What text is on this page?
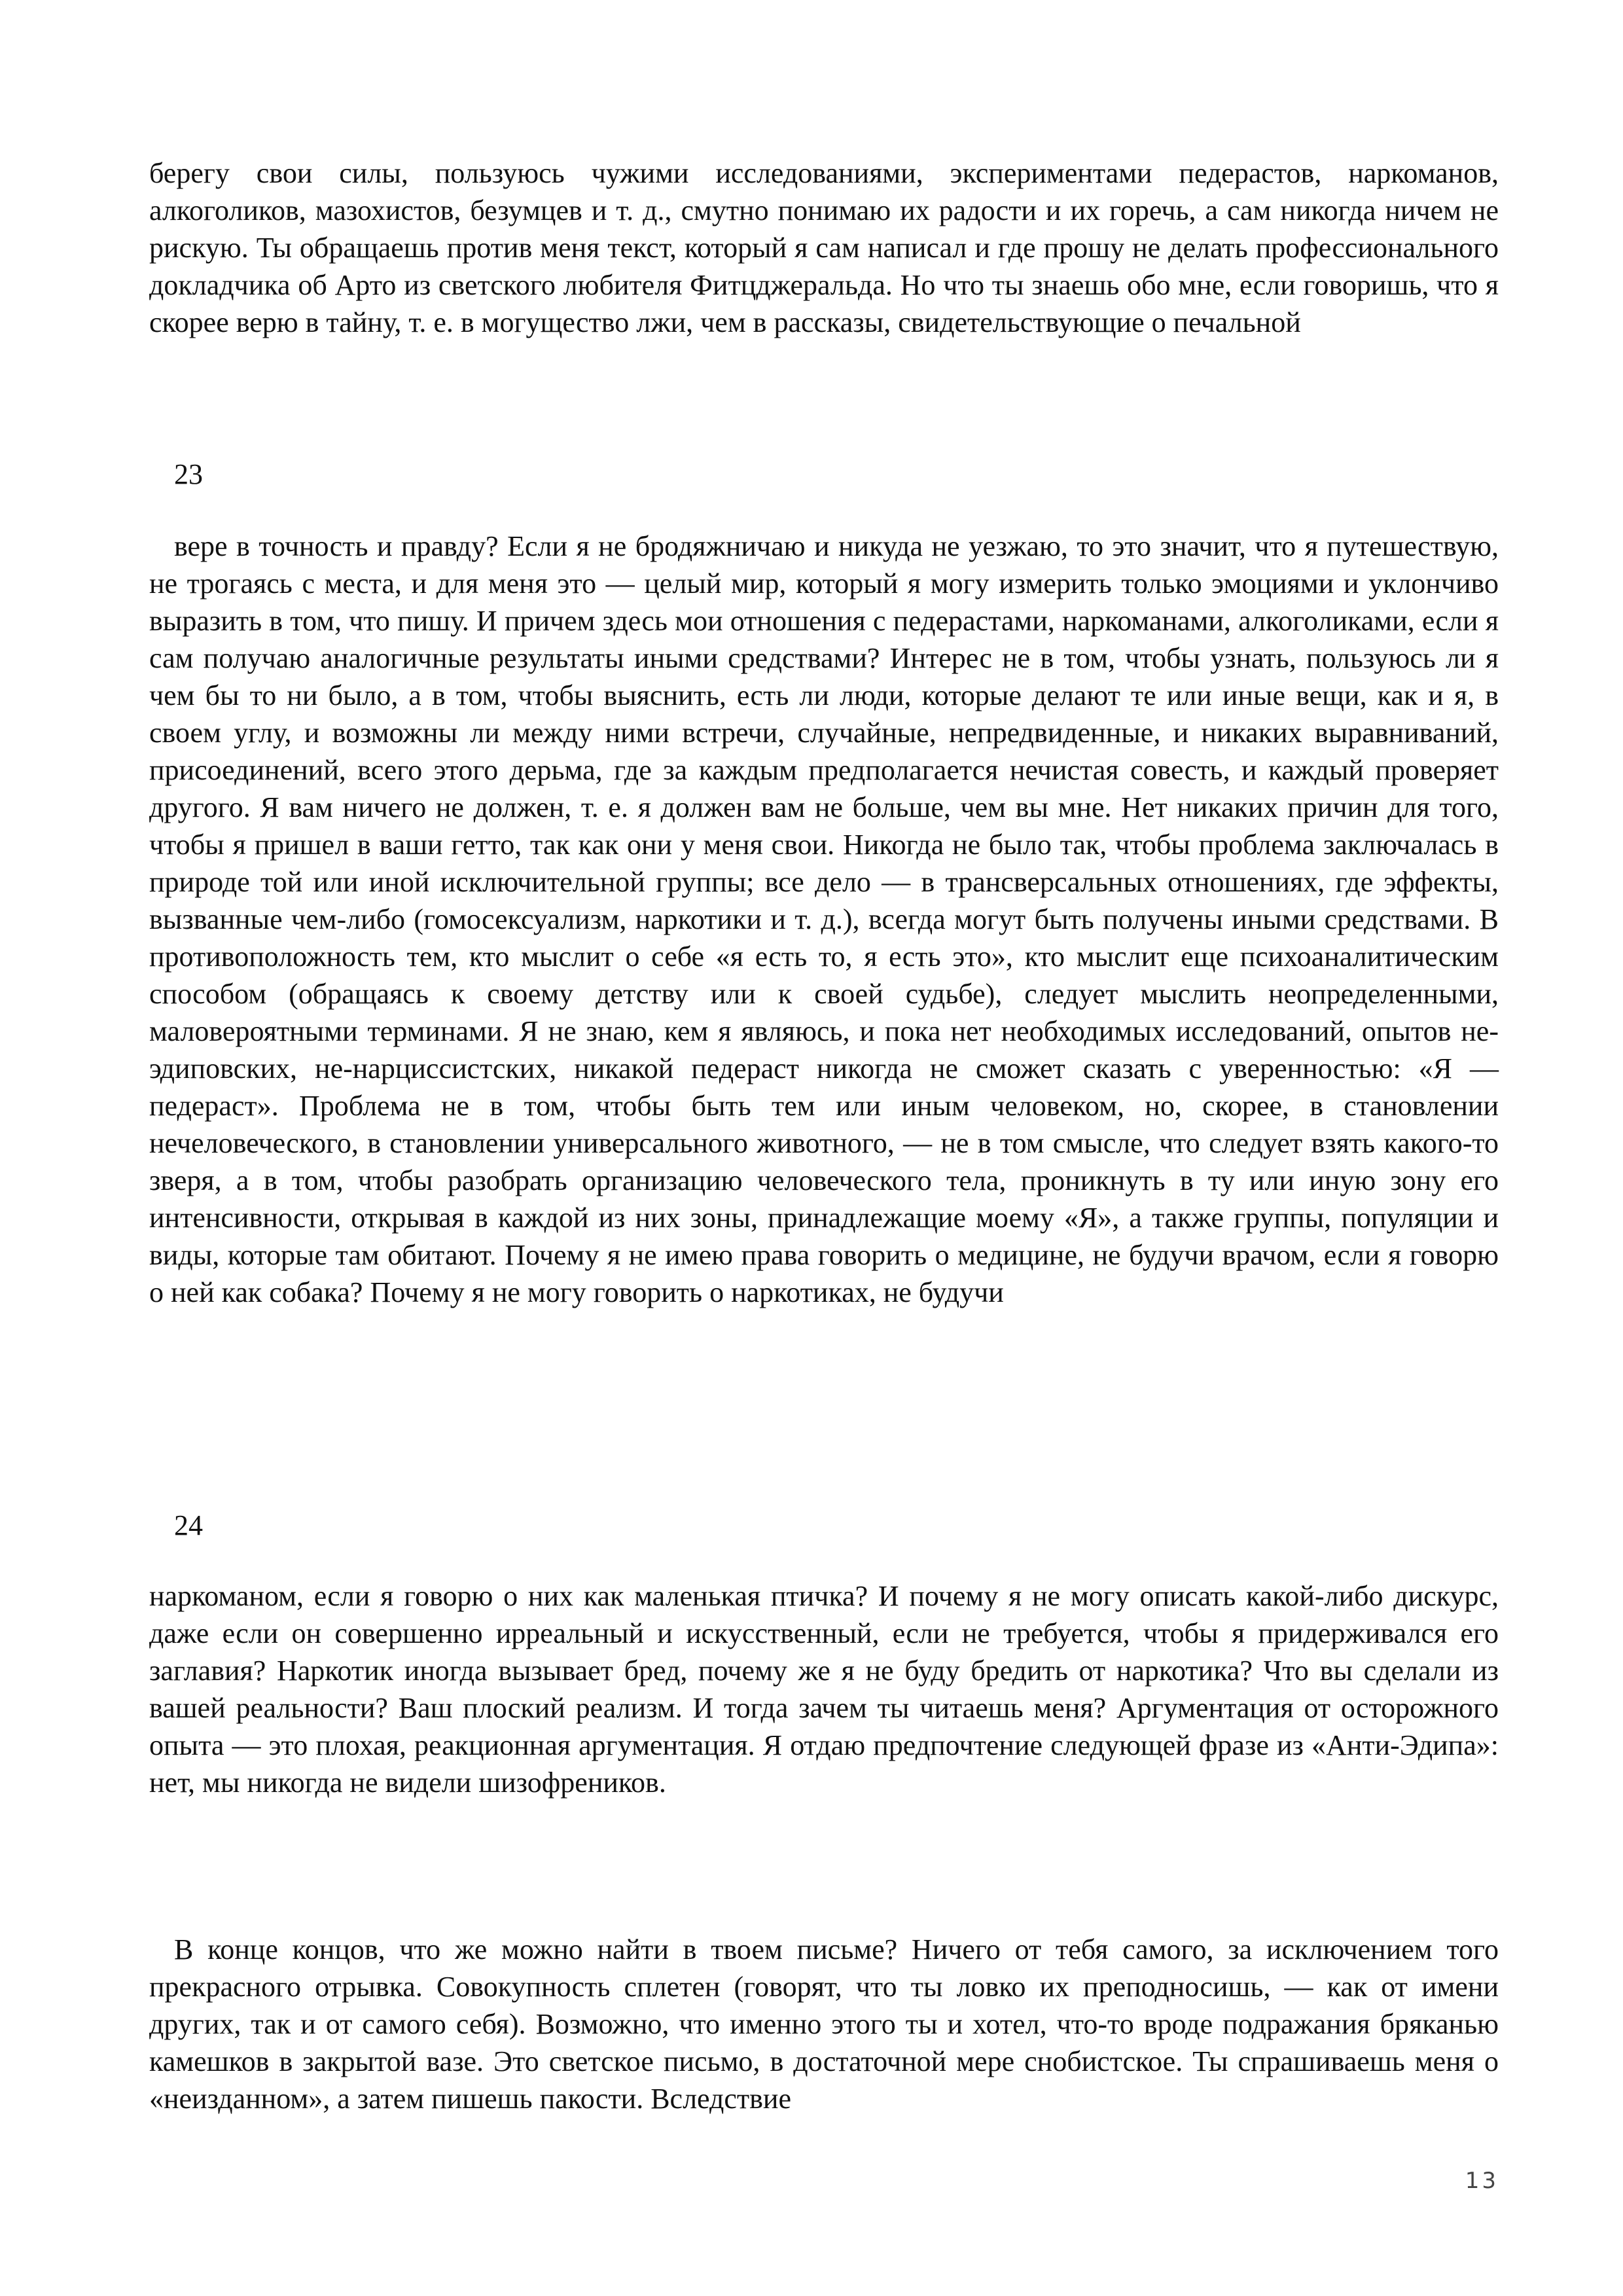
берегу свои силы, пользуюсь чужими исследованиями, экспериментами педерастов, наркоманов, алкоголиков, мазохистов, безумцев и т. д., смутно понимаю их радости и их горечь, а сам никогда ничем не рискую. Ты обращаешь против меня текст, который я сам написал и где прошу не делать профессионального докладчика об Арто из светского любителя Фитцджеральда. Но что ты знаешь обо мне, если говоришь, что я скорее верю в тайну, т. е. в могущество лжи, чем в рассказы, свидетельствующие о печальной

23

вере в точность и правду? Если я не бродяжничаю и никуда не уезжаю, то это значит, что я путешествую, не трогаясь с места, и для меня это — целый мир, который я могу измерить только эмоциями и уклончиво выразить в том, что пишу. И причем здесь мои отношения с педерастами, наркоманами, алкоголиками, если я сам получаю аналогичные результаты иными средствами? Интерес не в том, чтобы узнать, пользуюсь ли я чем бы то ни было, а в том, чтобы выяснить, есть ли люди, которые делают те или иные вещи, как и я, в своем углу, и возможны ли между ними встречи, случайные, непредвиденные, и никаких выравниваний, присоединений, всего этого дерьма, где за каждым предполагается нечистая совесть, и каждый проверяет другого. Я вам ничего не должен, т. е. я должен вам не больше, чем вы мне. Нет никаких причин для того, чтобы я пришел в ваши гетто, так как они у меня свои. Никогда не было так, чтобы проблема заключалась в природе той или иной исключительной группы; все дело — в трансверсальных отношениях, где эффекты, вызванные чем-либо (гомосексуализм, наркотики и т. д.), всегда могут быть получены иными средствами. В противоположность тем, кто мыслит о себе «я есть то, я есть это», кто мыслит еще психоаналитическим способом (обращаясь к своему детству или к своей судьбе), следует мыслить неопределенными, маловероятными терминами. Я не знаю, кем я являюсь, и пока нет необходимых исследований, опытов не-эдиповских, не-нарциссистских, никакой педераст никогда не сможет сказать с уверенностью: «Я — педераст». Проблема не в том, чтобы быть тем или иным человеком, но, скорее, в становлении нечеловеческого, в становлении универсального животного, — не в том смысле, что следует взять какого-то зверя, а в том, чтобы разобрать организацию человеческого тела, проникнуть в ту или иную зону его интенсивности, открывая в каждой из них зоны, принадлежащие моему «Я», а также группы, популяции и виды, которые там обитают. Почему я не имею права говорить о медицине, не будучи врачом, если я говорю о ней как собака? Почему я не могу говорить о наркотиках, не будучи

24

наркоманом, если я говорю о них как маленькая птичка? И почему я не могу описать какой-либо дискурс, даже если он совершенно ирреальный и искусственный, если не требуется, чтобы я придерживался его заглавия? Наркотик иногда вызывает бред, почему же я не буду бредить от наркотика? Что вы сделали из вашей реальности? Ваш плоский реализм. И тогда зачем ты читаешь меня? Аргументация от осторожного опыта — это плохая, реакционная аргументация. Я отдаю предпочтение следующей фразе из «Анти-Эдипа»: нет, мы никогда не видели шизофреников.

В конце концов, что же можно найти в твоем письме? Ничего от тебя самого, за исключением того прекрасного отрывка. Совокупность сплетен (говорят, что ты ловко их преподносишь, — как от имени других, так и от самого себя). Возможно, что именно этого ты и хотел, что-то вроде подражания бряканью камешков в закрытой вазе. Это светское письмо, в достаточной мере снобистское. Ты спрашиваешь меня о «неизданном», а затем пишешь пакости. Вследствие

13
